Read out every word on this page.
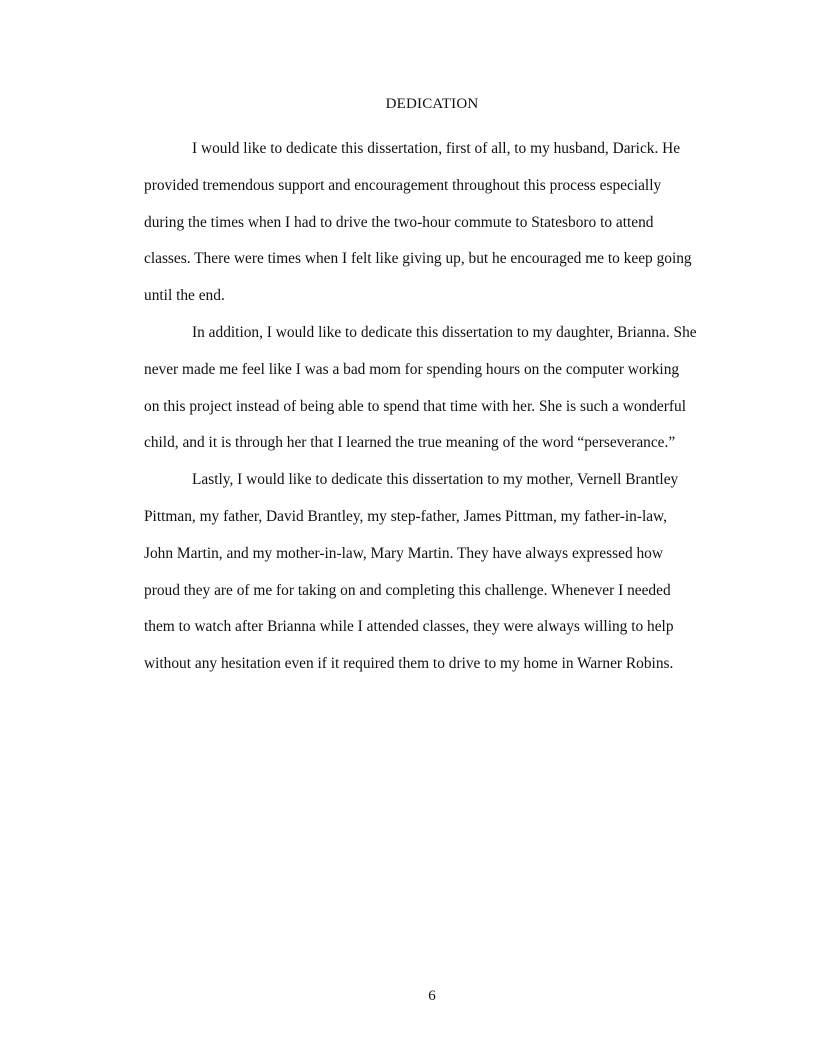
DEDICATION

I would like to dedicate this dissertation, first of all, to my husband, Darick. He
provided tremendous support and encouragement throughout this process especially
during the times when I had to drive the two-hour commute to Statesboro to attend
classes. There were times when I felt like giving up, but he encouraged me to keep going
until the end.

In addition, I would like to dedicate this dissertation to my daughter, Brianna. She
never made me feel like I was a bad mom for spending hours on the computer working
on this project instead of being able to spend that time with her. She is such a wonderful
child, and it is through her that I learned the true meaning of the word “perseverance.”

Lastly, I would like to dedicate this dissertation to my mother, Vernell Brantley
Pittman, my father, David Brantley, my step-father, James Pittman, my father-in-law,
John Martin, and my mother-in-law, Mary Martin. They have always expressed how
proud they are of me for taking on and completing this challenge. Whenever I needed
them to watch after Brianna while I attended classes, they were always willing to help
without any hesitation even if it required them to drive to my home in Warner Robins.

6
